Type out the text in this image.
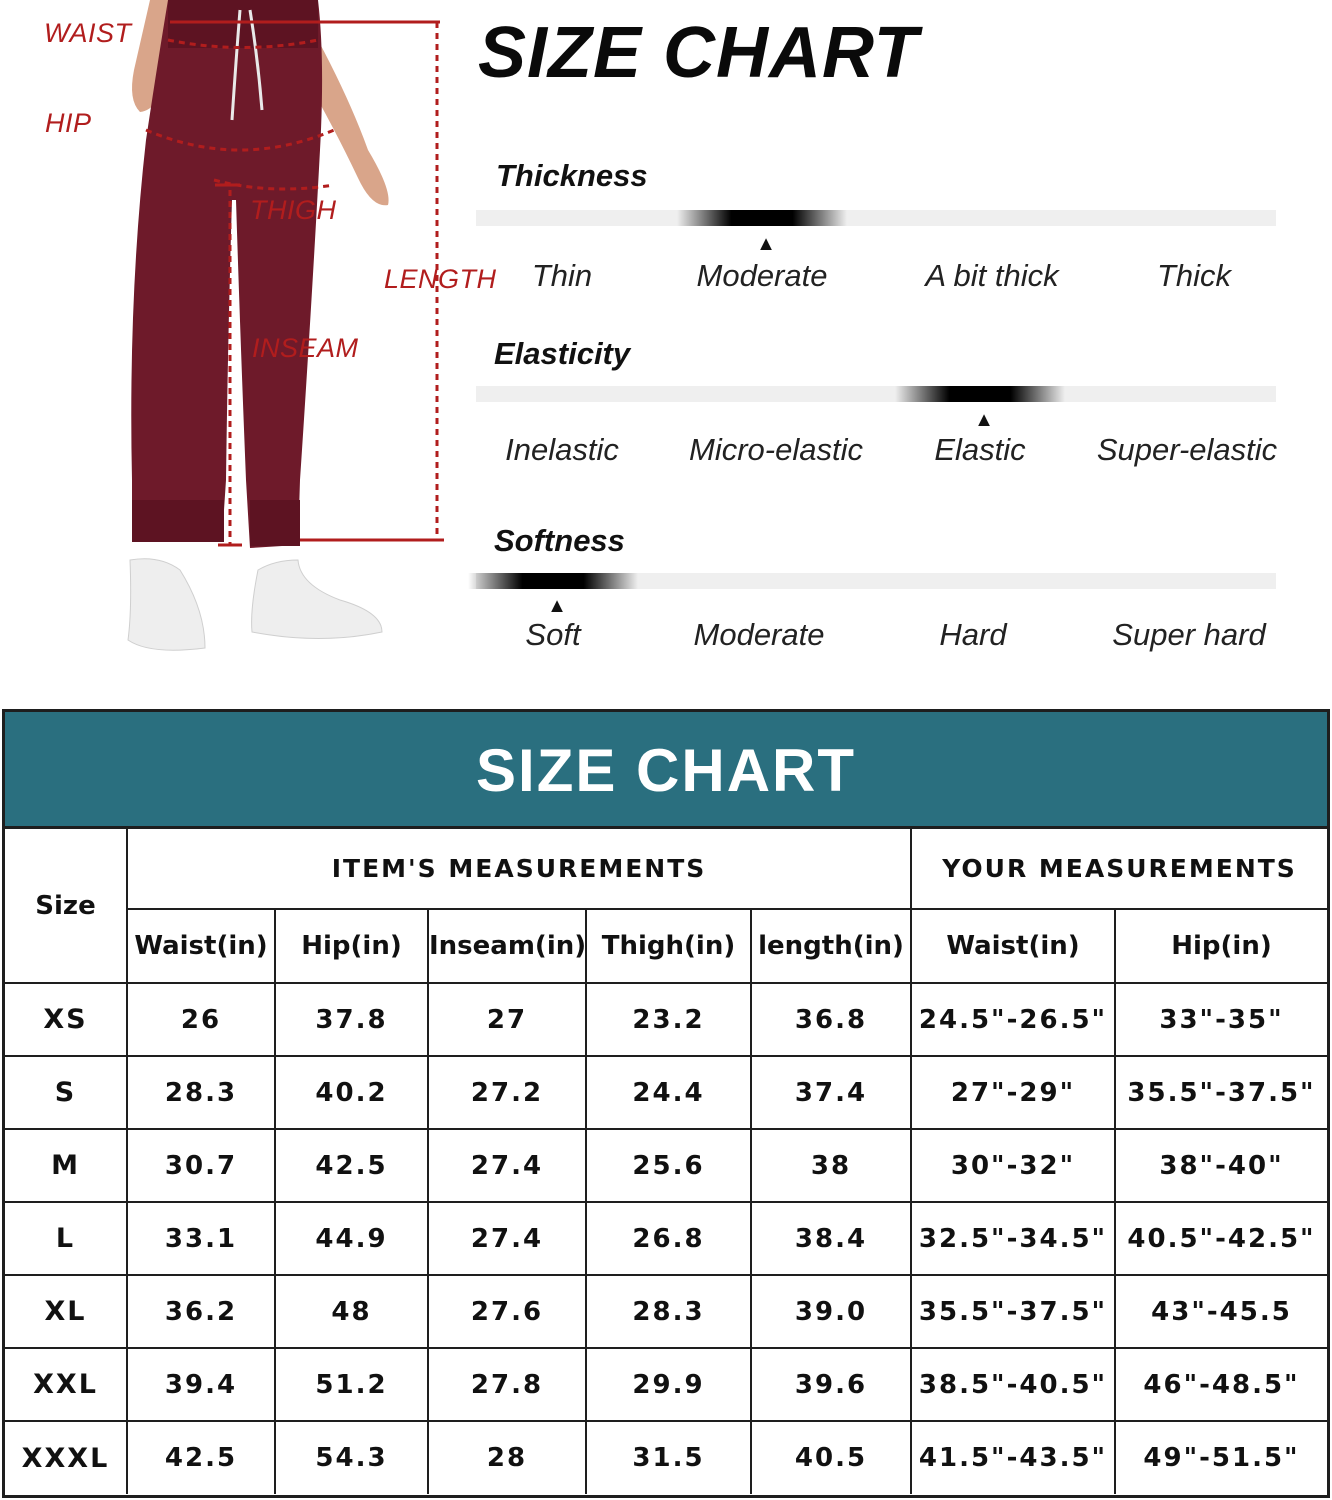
WAIST
HIP
THIGH
LENGTH
INSEAM
SIZE CHART
Thickness
▲
Thin	Moderate	A bit thick	Thick
Elasticity
▲
Inelastic Micro-elastic Elastic Super-elastic
Softness
▲
Soft	Moderate	Hard	Super hard
SIZE CHART
Size	ITEM'S MEASUREMENTS					YOUR MEASUREMENTS	
	Waist(in)	Hip(in)	Inseam(in)	Thigh(in)	length(in)	Waist(in)	Hip(in)
XS	26	37.8	27	23.2	36.8	24.5"-26.5"	33"-35"
S	28.3	40.2	27.2	24.4	37.4	27"-29"	35.5"-37.5"
M	30.7	42.5	27.4	25.6	38	30"-32"	38"-40"
L	33.1	44.9	27.4	26.8	38.4	32.5"-34.5"	40.5"-42.5"
XL	36.2	48	27.6	28.3	39.0	35.5"-37.5"	43"-45.5
XXL	39.4	51.2	27.8	29.9	39.6	38.5"-40.5"	46"-48.5"
XXXL	42.5	54.3	28	31.5	40.5	41.5"-43.5"	49"-51.5"
